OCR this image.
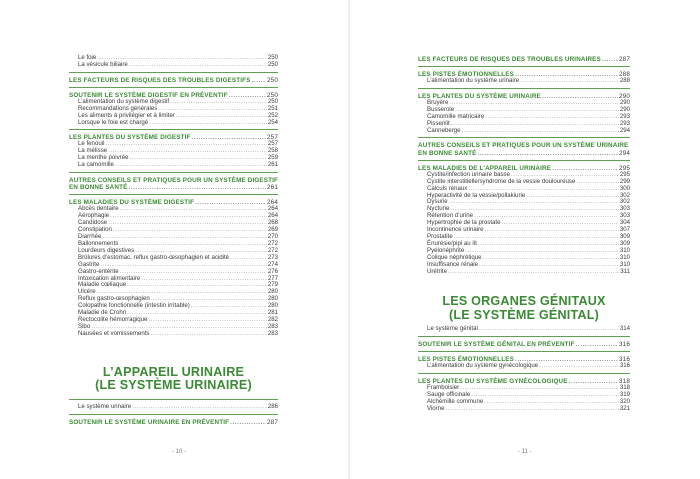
Le foie .....	250
La vésicule biliaire .....	250
LES FACTEURS DE RISQUES DES TROUBLES DIGESTIFS .....	250
SOUTENIR LE SYSTÈME DIGESTIF EN PRÉVENTIF .....	250
L’alimentation du système digestif .....	250
Recommandations générales .....	251
Les aliments à privilégier et à limiter .....	252
Lorsque le foie est chargé .....	254
LES PLANTES DU SYSTÈME DIGESTIF .....	257
Le fenouil .....	257
La mélisse .....	258
La menthe poivrée .....	259
La camomille .....	261
AUTRES CONSEILS ET PRATIQUES POUR UN SYSTÈME DIGESTIF
EN BONNE SANTÉ .....	261
LES MALADIES DU SYSTÈME DIGESTIF .....	264
Abcès dentaire .....	264
Aérophagie .....	264
Candidose .....	268
Constipation .....	269
Diarrhée .....	270
Ballonnements .....	272
Lourdeurs digestives .....	272
Brûlures d’estomac, reflux gastro-œsophagien et acidité .....	273
Gastrite .....	274
Gastro-entérite .....	276
Intoxication alimentaire .....	277
Maladie cœliaque .....	279
Ulcère .....	280
Reflux gastro-œsophagien .....	280
Colopathie fonctionnelle (intestin irritable) .....	280
Maladie de Crohn .....	281
Rectocolite hémorragique .....	282
Sibo .....	283
Nausées et vomissements .....	283
L’APPAREIL URINAIRE
(LE SYSTÈME URINAIRE)
Le système urinaire .....	286
SOUTENIR LE SYSTÈME URINAIRE EN PRÉVENTIF .....	287
- 10 -
LES FACTEURS DE RISQUES DES TROUBLES URINAIRES .....	287
LES PISTES ÉMOTIONNELLES .....	288
L’alimentation du système urinaire .....	288
LES PLANTES DU SYSTÈME URINAIRE .....	290
Bruyère .....	290
Busserole .....	290
Camomille matricaire .....	293
Pissenlit .....	293
Canneberge .....	294
AUTRES CONSEILS ET PRATIQUES POUR UN SYSTÈME URINAIRE
EN BONNE SANTÉ .....	294
LES MALADIES DE L’APPAREIL URINAIRE .....	295
Cystite/infection urinaire basse .....	295
Cystite interstitielle/syndrome de la vessie douloureuse .....	299
Calculs rénaux .....	300
Hyperactivité de la vessie/pollakiurie .....	302
Dysurie .....	302
Nycturie .....	303
Rétention d’urine .....	303
Hypertrophie de la prostate .....	304
Incontinence urinaire .....	307
Prostatite .....	309
Énurésie/pipi au lit .....	309
Pyélonéphrite .....	310
Colique néphrétique .....	310
Insuffisance rénale .....	310
Urétrite .....	311
LES ORGANES GÉNITAUX
(LE SYSTÈME GÉNITAL)
Le système génital .....	314
SOUTENIR LE SYSTÈME GÉNITAL EN PRÉVENTIF .....	316
LES PISTES ÉMOTIONNELLES .....	316
L’alimentation du système gynécologique .....	316
LES PLANTES DU SYSTÈME GYNÉCOLOGIQUE .....	318
Framboisier .....	318
Sauge officinale .....	319
Alchémille commune .....	320
Viorne .....	321
- 11 -
